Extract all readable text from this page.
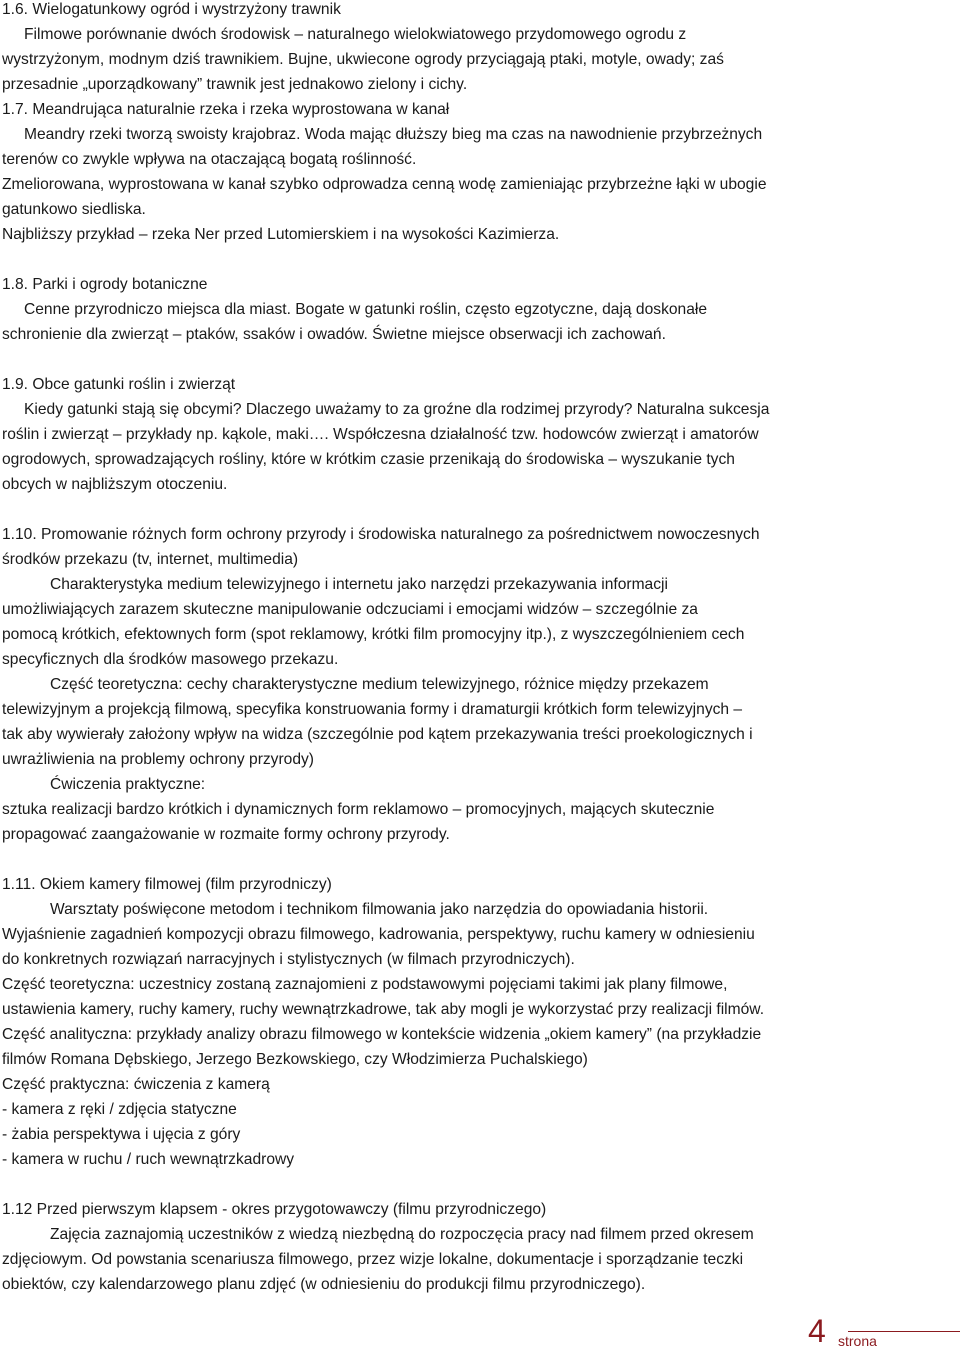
1.6. Wielogatunkowy ogród i wystrzyżony trawnik
Filmowe porównanie dwóch środowisk – naturalnego wielokwiatowego przydomowego ogrodu z
wystrzyżonym, modnym dziś trawnikiem. Bujne, ukwiecone ogrody przyciągają ptaki, motyle, owady; zaś
przesadnie „uporządkowany” trawnik jest jednakowo zielony i cichy.
1.7. Meandrująca naturalnie rzeka i rzeka wyprostowana w kanał
Meandry rzeki tworzą swoisty krajobraz. Woda mając dłuższy bieg ma czas na nawodnienie przybrzeżnych
terenów co zwykle wpływa na otaczającą bogatą roślinność.
Zmeliorowana, wyprostowana w kanał szybko odprowadza cenną wodę zamieniając przybrzeżne łąki w ubogie
gatunkowo siedliska.
Najbliższy przykład – rzeka Ner przed Lutomierskiem i na wysokości Kazimierza.
1.8. Parki i ogrody botaniczne
Cenne przyrodniczo miejsca dla miast. Bogate w gatunki roślin, często egzotyczne, dają doskonałe
schronienie dla zwierząt – ptaków, ssaków i owadów. Świetne miejsce obserwacji ich zachowań.
1.9. Obce gatunki roślin i zwierząt
Kiedy gatunki stają się obcymi? Dlaczego uważamy to za groźne dla rodzimej przyrody? Naturalna sukcesja
roślin i zwierząt – przykłady np. kąkole, maki…. Współczesna działalność tzw. hodowców zwierząt i amatorów
ogrodowych, sprowadzających rośliny, które w krótkim czasie przenikają do środowiska – wyszukanie tych
obcych w najbliższym otoczeniu.
1.10. Promowanie różnych form ochrony przyrody i środowiska naturalnego za pośrednictwem nowoczesnych
środków przekazu (tv, internet, multimedia)
Charakterystyka medium telewizyjnego i internetu jako narzędzi przekazywania informacji
umożliwiających zarazem skuteczne manipulowanie odczuciami i emocjami widzów – szczególnie za
pomocą krótkich, efektownych form (spot reklamowy, krótki film promocyjny itp.), z wyszczególnieniem cech
specyficznych dla środków masowego przekazu.
Część teoretyczna: cechy charakterystyczne medium telewizyjnego, różnice między przekazem
telewizyjnym a projekcją filmową, specyfika konstruowania formy i dramaturgii krótkich form telewizyjnych –
tak aby wywierały założony wpływ na widza (szczególnie pod kątem przekazywania treści proekologicznych i
uwrażliwienia na problemy ochrony przyrody)
Ćwiczenia praktyczne:
sztuka realizacji bardzo krótkich i dynamicznych form reklamowo – promocyjnych, mających skutecznie
propagować zaangażowanie w rozmaite formy ochrony przyrody.
1.11. Okiem kamery filmowej (film przyrodniczy)
Warsztaty poświęcone metodom i technikom filmowania jako narzędzia do opowiadania historii.
Wyjaśnienie zagadnień kompozycji obrazu filmowego, kadrowania, perspektywy, ruchu kamery w odniesieniu
do konkretnych rozwiązań narracyjnych i stylistycznych (w filmach przyrodniczych).
Część teoretyczna: uczestnicy zostaną zaznajomieni z podstawowymi pojęciami takimi jak plany filmowe,
ustawienia kamery, ruchy kamery, ruchy wewnątrzkadrowe, tak aby mogli je wykorzystać przy realizacji filmów.
Część analityczna: przykłady analizy obrazu filmowego w kontekście widzenia „okiem kamery” (na przykładzie
filmów Romana Dębskiego, Jerzego Bezkowskiego, czy Włodzimierza Puchalskiego)
Część praktyczna: ćwiczenia z kamerą
- kamera z ręki / zdjęcia statyczne
- żabia perspektywa i ujęcia z góry
- kamera w ruchu / ruch wewnątrzkadrowy
1.12 Przed pierwszym klapsem - okres przygotowawczy (filmu przyrodniczego)
Zajęcia zaznajomią uczestników z wiedzą niezbędną do rozpoczęcia pracy nad filmem przed okresem
zdjęciowym. Od powstania scenariusza filmowego, przez wizje lokalne, dokumentacje i sporządzanie teczki
obiektów, czy kalendarzowego planu zdjęć (w odniesieniu do produkcji filmu przyrodniczego).
4 strona
